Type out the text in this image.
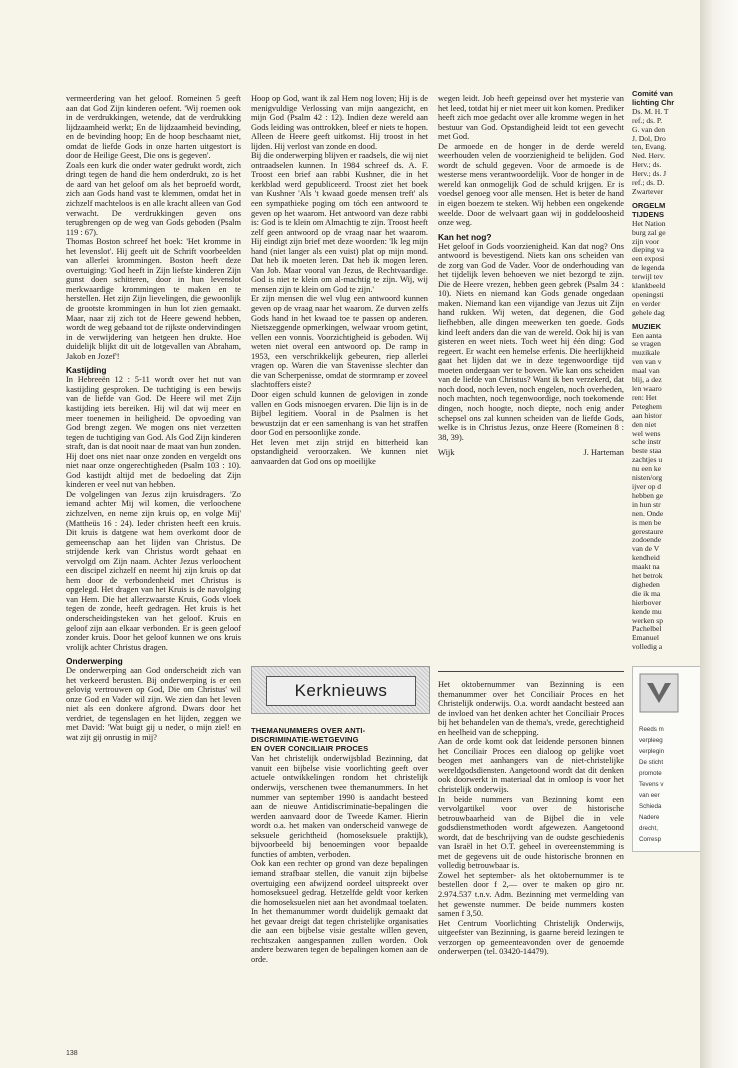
vermeerdering van het geloof. Romeinen 5 geeft aan dat God Zijn kinderen oefent. 'Wij roemen ook in de verdrukkingen, wetende, dat de verdrukking lijdzaamheid werkt; En de lijdzaamheid bevinding, en de bevinding hoop; En de hoop beschaamt niet, omdat de liefde Gods in onze harten uitgestort is door de Heilige Geest, Die ons is gegeven'.

Zoals een kurk die onder water gedrukt wordt, zich dringt tegen de hand die hem onderdrukt, zo is het de aard van het geloof om als het beproefd wordt, zich aan Gods hand vast te klemmen, omdat het in zichzelf machteloos is en alle kracht alleen van God verwacht. De verdrukkingen geven ons terugbrengen op de weg van Gods geboden (Psalm 119 : 67).

Thomas Boston schreef het boek: 'Het kromme in het levenslot'. Hij geeft uit de Schrift voorbeelden van allerlei krommingen. Boston heeft deze overtuiging: 'God heeft in Zijn liefste kinderen Zijn gunst doen schitteren, door in hun levenslot merkwaardige krommingen te maken en te herstellen. Het zijn Zijn lievelingen, die gewoonlijk de grootste krommingen in hun lot zien gemaakt. Maar, naar zij zich tot de Heere gewend hebben, wordt de weg gebaand tot de rijkste ondervindingen in de verwijdering van hetgeen hen drukte. Hoe duidelijk blijkt dit uit de lotgevallen van Abraham, Jakob en Jozef'!

Kastijding

In Hebreeën 12 : 5-11 wordt over het nut van kastijding gesproken. De tuchtiging is een bewijs van de liefde van God. De Heere wil met Zijn kastijding iets bereiken. Hij wil dat wij meer en meer toenemen in heiligheid. De opvoeding van God brengt zegen. We mogen ons niet verzetten tegen de tuchtiging van God. Als God Zijn kinderen straft, dan is dat nooit naar de maat van hun zonden. Hij doet ons niet naar onze zonden en vergeldt ons niet naar onze ongerechtigheden (Psalm 103 : 10). God kastijdt altijd met de bedoeling dat Zijn kinderen er veel nut van hebben.

De volgelingen van Jezus zijn kruisdragers. 'Zo iemand achter Mij wil komen, die verloochene zichzelven, en neme zijn kruis op, en volge Mij' (Mattheüs 16 : 24). Ieder christen heeft een kruis. Dit kruis is datgene wat hem overkomt door de gemeenschap aan het lijden van Christus. De strijdende kerk van Christus wordt gehaat en vervolgd om Zijn naam. Achter Jezus verloochent een discipel zichzelf en neemt hij zijn kruis op dat hem door de verbondenheid met Christus is opgelegd. Het dragen van het Kruis is de navolging van Hem. Die het allerzwaarste Kruis, Gods vloek tegen de zonde, heeft gedragen. Het kruis is het onderscheidingsteken van het geloof. Kruis en geloof zijn aan elkaar verbonden. Er is geen geloof zonder kruis. Door het geloof kunnen we ons kruis vrolijk achter Christus dragen.

Onderwerping

De onderwerping aan God onderscheidt zich van het verkeerd berusten. Bij onderwerping is er een gelovig vertrouwen op God, Die om Christus' wil onze God en Vader wil zijn. We zien dan het leven niet als een donkere afgrond. Dwars door het verdriet, de tegenslagen en het lijden, zeggen we met David: 'Wat buigt gij u neder, o mijn ziel! en wat zijt gij onrustig in mij?

Hoop op God, want ik zal Hem nog loven; Hij is de menigvuldige Verlossing van mijn aangezicht, en mijn God (Psalm 42 : 12). Indien deze wereld aan Gods leiding was onttrokken, bleef er niets te hopen. Alleen de Heere geeft uitkomst. Hij troost in het lijden. Hij verlost van zonde en dood.

Bij die onderwerping blijven er raadsels, die wij niet ontraadselen kunnen. In 1984 schreef ds. A. F. Troost een brief aan rabbi Kushner, die in het kerkblad werd gepubliceerd. Troost ziet het boek van Kushner 'Als 't kwaad goede mensen treft' als een sympathieke poging om tóch een antwoord te geven op het waarom. Het antwoord van deze rabbi is: God is te klein om Almachtig te zijn. Troost heeft zelf geen antwoord op de vraag naar het waarom. Hij eindigt zijn brief met deze woorden: 'Ik leg mijn hand (niet langer als een vuist) plat op mijn mond. Dat heb ik moeten leren. Dat heb ik mogen leren. Van Job. Maar vooral van Jezus, de Rechtvaardige. God is niet te klein om al-machtig te zijn. Wij, wij mensen zijn te klein om God te zijn.'

Er zijn mensen die wel vlug een antwoord kunnen geven op de vraag naar het waarom. Ze durven zelfs Gods hand in het kwaad toe te passen op anderen. Nietszeggende opmerkingen, welwaar vroom getint, vellen een vonnis. Voorzichtigheid is geboden. Wij weten niet overal een antwoord op. De ramp in 1953, een verschrikkelijk gebeuren, riep allerlei vragen op. Waren die van Stavenisse slechter dan die van Scherpenisse, omdat de stormramp er zoveel slachtoffers eiste?

Door eigen schuld kunnen de gelovigen in zonde vallen en Gods misnoegen ervaren. Die lijn is in de Bijbel legitiem. Vooral in de Psalmen is het bewustzijn dat er een samenhang is van het straffen door God en persoonlijke zonde.

Het leven met zijn strijd en bitterheid kan opstandigheid veroorzaken. We kunnen niet aanvaarden dat God ons op moeilijke

wegen leidt. Job heeft gepeinsd over het mysterie van het leed, totdat hij er niet meer uit kon komen. Prediker heeft zich moe gedacht over alle kromme wegen in het bestuur van God. Opstandigheid leidt tot een gevecht met God.

De armoede en de honger in de derde wereld weerhouden velen de voorzienigheid te belijden. God wordt de schuld gegeven. Voor de armoede is de westerse mens verantwoordelijk. Voor de honger in de wereld kan onmogelijk God de schuld krijgen. Er is voedsel genoeg voor alle mensen. Het is beter de hand in eigen boezem te steken. Wij hebben een ongekende weelde. Door de welvaart gaan wij in goddeloosheid onze weg.

Kan het nog?

Het geloof in Gods voorzienigheid. Kan dat nog? Ons antwoord is bevestigend. Niets kan ons scheiden van de zorg van God de Vader. Voor de onderhouding van het tijdelijk leven behoeven we niet bezorgd te zijn. Die de Heere vrezen, hebben geen gebrek (Psalm 34 : 10). Niets en niemand kan Gods genade ongedaan maken. Niemand kan een vijandige van Jezus uit Zijn hand rukken. Wij weten, dat degenen, die God liefhebben, alle dingen meewerken ten goede. Gods kind leeft anders dan die van de wereld. Ook hij is van gisteren en weet niets. Toch weet hij één ding: God regeert. Er wacht een hemelse erfenis. Die heerlijkheid gaat het lijden dat we in deze tegenwoordige tijd moeten ondergaan ver te boven. Wie kan ons scheiden van de liefde van Christus? Want ik ben verzekerd, dat noch dood, noch leven, noch engelen, noch overheden, noch machten, noch tegenwoordige, noch toekomende dingen, noch hoogte, noch diepte, noch enig ander schepsel ons zal kunnen scheiden van de liefde Gods, welke is in Christus Jezus, onze Heere (Romeinen 8 : 38, 39).

Wijk	J. Harteman
Kerknieuws
THEMANUMMERS OVER ANTI-
DISCRIMINATIE-WETGEVING
EN OVER CONCILIAIR PROCES

Van het christelijk onderwijsblad Bezinning, dat vanuit een bijbelse visie voorlichting geeft over actuele ontwikkelingen rondom het christelijk onderwijs, verschenen twee themanummers. In het nummer van september 1990 is aandacht besteed aan de nieuwe Antidiscriminatie-bepalingen die werden aanvaard door de Tweede Kamer. Hierin wordt o.a. het maken van onderscheid vanwege de seksuele gerichtheid (homoseksuele praktijk), bijvoorbeeld bij benoemingen voor bepaalde functies of ambten, verboden.

Ook kan een rechter op grond van deze bepalingen iemand strafbaar stellen, die vanuit zijn bijbelse overtuiging een afwijzend oordeel uitspreekt over homoseksueel gedrag. Hetzelfde geldt voor kerken die homoseksuelen niet aan het avondmaal toelaten. In het themanummer wordt duidelijk gemaakt dat het gevaar dreigt dat tegen christelijke organisaties die aan een bijbelse visie gestalte willen geven, rechtszaken aangespannen zullen worden. Ook andere bezwaren tegen de bepalingen komen aan de orde.

Het oktobernummer van Bezinning is een themanummer over het Conciliair Proces en het Christelijk onderwijs. O.a. wordt aandacht besteed aan de invloed van het denken achter het Conciliair Proces bij het behandelen van de thema's, vrede, gerechtigheid en heelheid van de schepping.

Aan de orde komt ook dat leidende personen binnen het Conciliair Proces een dialoog op gelijke voet beogen met aanhangers van de niet-christelijke wereldgodsdiensten. Aangetoond wordt dat dit denken ook doorwerkt in materiaal dat in omloop is voor het christelijk onderwijs.

In beide nummers van Bezinning komt een vervolgartikel voor over de historische betrouwbaarheid van de Bijbel die in vele godsdienstmethoden wordt afgewezen. Aangetoond wordt, dat de beschrijving van de oudste geschiedenis van Israël in het O.T. geheel in overeenstemming is met de gegevens uit de oude historische bronnen en volledig betrouwbaar is.

Zowel het september- als het oktobernummer is te bestellen door f 2,— over te maken op giro nr. 2.974.537 t.n.v. Adm. Bezinning met vermelding van het gewenste nummer. De beide nummers kosten samen f 3,50.

Het Centrum Voorlichting Christelijk Onderwijs, uitgeefster van Bezinning, is gaarne bereid lezingen te verzorgen op gemeenteavonden over de genoemde onderwerpen (tel. 03420-14479).

138
Comité van
lichting Chr
Ds. M. H. T
ref.; ds. P.
G. van den
J. Dol, Dro
ten, Evang.
Ned. Herv.
Herv.; ds.
Herv.; ds. J
ref.; ds. D.
Zwartever
ORGELM
TIJDENS
Het Nation
burg zal ge
zijn voor
dieping va
een exposi
de legenda
terwijl tev
klankbeeld
openingsti
en verder
gehele dag
MUZIEK
Een aanta
se vragen
muzikale
ven van v
maal van
blij, a dez
len waaro
ren: Het
Peteghem
aan histor
den niet
wel wens
sche instr
beste staa
zachtjes u
nu een ke
nisten/org
ijver op d
hebben ge
in hun str
nen. Onde
is men be
gerestaure
zodoende
van de V
kendheid
maakt na
het betrok
digheden
die ik ma
hierbover
kende mu
werken sp
Pachelbel
Emanuel
volledig a
Reeds m
verpleeg
verplegin
De sticht
promote
Tevens v
van eer
Schieda
Nadere
drecht,
Corresp
